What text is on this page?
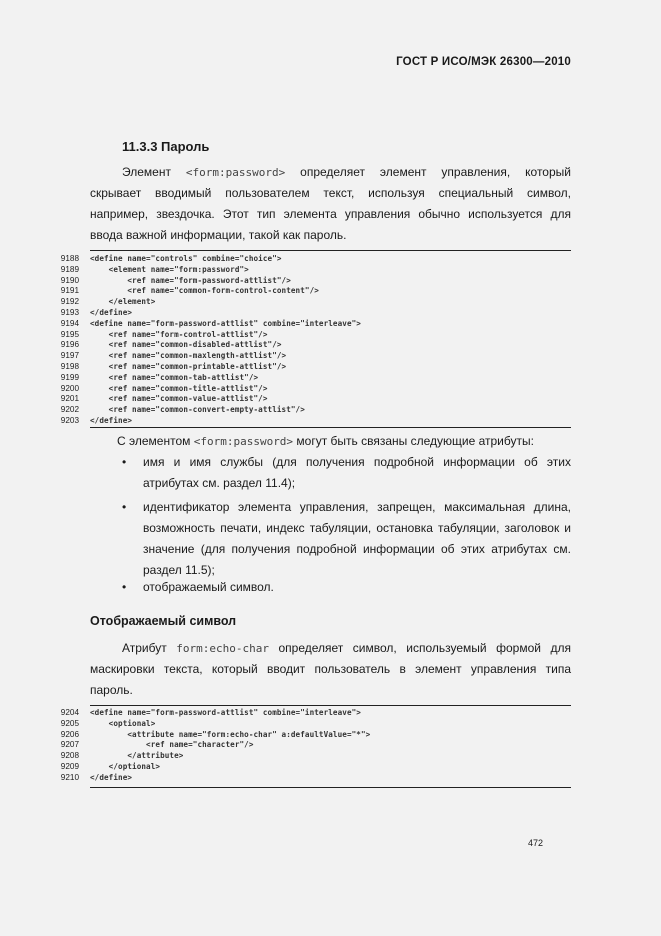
ГОСТ Р ИСО/МЭК 26300—2010
11.3.3 Пароль
Элемент <form:password> определяет элемент управления, который
скрывает вводимый пользователем текст, используя специальный символ,
например, звездочка. Этот тип элемента управления обычно используется для
ввода важной информации, такой как пароль.
9188 <define name="controls" combine="choice">
9189 <element name="form:password">
9190 <ref name="form-password-attlist"/>
9191 <ref name="common-form-control-content"/>
9192 </element>
9193 </define>
9194 <define name="form-password-attlist" combine="interleave">
9195 <ref name="form-control-attlist"/>
9196 <ref name="common-disabled-attlist"/>
9197 <ref name="common-maxlength-attlist"/>
9198 <ref name="common-printable-attlist"/>
9199 <ref name="common-tab-attlist"/>
9200 <ref name="common-title-attlist"/>
9201 <ref name="common-value-attlist"/>
9202 <ref name="common-convert-empty-attlist"/>
9203 </define>
С элементом <form:password> могут быть связаны следующие атрибуты:
• имя и имя службы (для получения подробной информации об этих
атрибутах см. раздел 11.4);
• идентификатор элемента управления, запрещен, максимальная длина,
возможность печати, индекс табуляции, остановка табуляции, заголовок и
значение (для получения подробной информации об этих атрибутах см.
раздел 11.5);
• отображаемый символ.
Отображаемый символ
Атрибут form:echo-char определяет символ, используемый формой для
маскировки текста, который вводит пользователь в элемент управления типа
пароль.
9204 <define name="form-password-attlist" combine="interleave">
9205 <optional>
9206 <attribute name="form:echo-char" a:defaultValue="*">
9207 <ref name="character"/>
9208 </attribute>
9209 </optional>
9210 </define>
472
